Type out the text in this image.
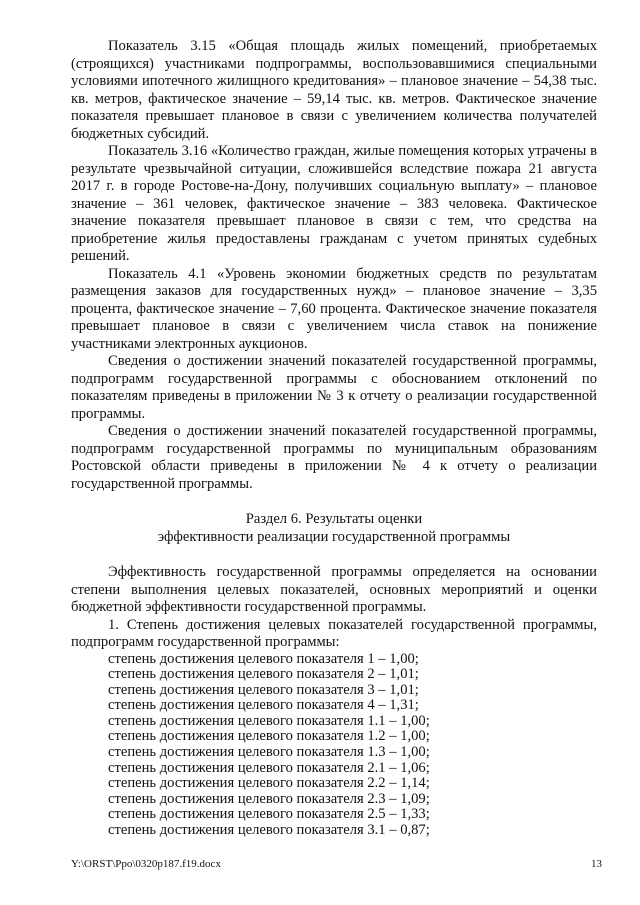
Показатель 3.15 «Общая площадь жилых помещений, приобретаемых (строящихся) участниками подпрограммы, воспользовавшимися специальными условиями ипотечного жилищного кредитования» – плановое значение – 54,38 тыс. кв. метров, фактическое значение – 59,14 тыс. кв. метров. Фактическое значение показателя превышает плановое в связи с увеличением количества получателей бюджетных субсидий.

Показатель 3.16 «Количество граждан, жилые помещения которых утрачены в результате чрезвычайной ситуации, сложившейся вследствие пожара 21 августа 2017 г. в городе Ростове-на-Дону, получивших социальную выплату» – плановое значение – 361 человек, фактическое значение – 383 человека. Фактическое значение показателя превышает плановое в связи с тем, что средства на приобретение жилья предоставлены гражданам с учетом принятых судебных решений.

Показатель 4.1 «Уровень экономии бюджетных средств по результатам размещения заказов для государственных нужд» – плановое значение – 3,35 процента, фактическое значение – 7,60 процента. Фактическое значение показателя превышает плановое в связи с увеличением числа ставок на понижение участниками электронных аукционов.

Сведения о достижении значений показателей государственной программы, подпрограмм государственной программы с обоснованием отклонений по показателям приведены в приложении № 3 к отчету о реализации государственной программы.

Сведения о достижении значений показателей государственной программы, подпрограмм государственной программы по муниципальным образованиям Ростовской области приведены в приложении № 4 к отчету о реализации государственной программы.

Раздел 6. Результаты оценки

эффективности реализации государственной программы

Эффективность государственной программы определяется на основании степени выполнения целевых показателей, основных мероприятий и оценки бюджетной эффективности государственной программы.

1. Степень достижения целевых показателей государственной программы, подпрограмм государственной программы:

степень достижения целевого показателя 1 – 1,00;
степень достижения целевого показателя 2 – 1,01;
степень достижения целевого показателя 3 – 1,01;
степень достижения целевого показателя 4 – 1,31;
степень достижения целевого показателя 1.1 – 1,00;
степень достижения целевого показателя 1.2 – 1,00;
степень достижения целевого показателя 1.3 – 1,00;
степень достижения целевого показателя 2.1 – 1,06;
степень достижения целевого показателя 2.2 – 1,14;
степень достижения целевого показателя 2.3 – 1,09;
степень достижения целевого показателя 2.5 – 1,33;
степень достижения целевого показателя 3.1 – 0,87;
Y:\ORST\Ppo\0320p187.f19.docx	13
